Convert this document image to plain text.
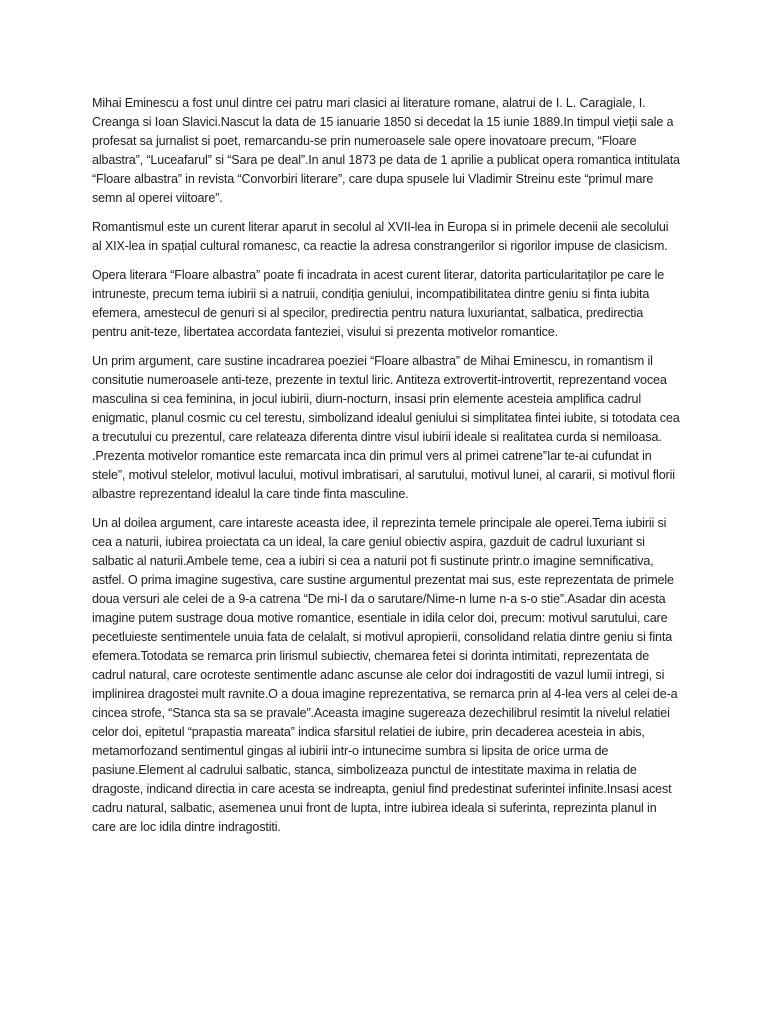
Mihai Eminescu a fost unul dintre cei patru mari clasici ai literature romane, alatrui de I. L. Caragiale, I. Creanga si Ioan Slavici.Nascut la data de 15 ianuarie 1850 si decedat la 15 iunie 1889.In timpul vieții sale a profesat sa jurnalist si poet, remarcandu-se prin numeroasele sale opere inovatoare precum, “Floare albastra”, “Luceafarul” si “Sara pe deal”.In anul 1873 pe data de 1 aprilie a publicat opera romantica intitulata “Floare albastra” in revista “Convorbiri literare”, care dupa spusele lui Vladimir Streinu este “primul mare semn al operei viitoare”.

Romantismul este un curent literar aparut in secolul al XVII-lea in Europa si in primele decenii ale secolului al XIX-lea in spațial cultural romanesc, ca reactie la adresa constrangerilor si rigorilor impuse de clasicism.

Opera literara “Floare albastra” poate fi incadrata in acest curent literar, datorita particularitaților pe care le intruneste, precum tema iubirii si a natruii, condiția geniului, incompatibilitatea dintre geniu si finta iubita efemera, amestecul de genuri si al specilor, predirectia pentru natura luxuriantat, salbatica, predirectia pentru anit-teze, libertatea accordata fanteziei, visului si prezenta motivelor romantice.

Un prim argument, care sustine incadrarea poeziei “Floare albastra” de Mihai Eminescu, in romantism il consitutie numeroasele anti-teze, prezente in textul liric. Antiteza extrovertit-introvertit, reprezentand vocea masculina si cea feminina, in jocul iubirii, diurn-nocturn, insasi prin elemente acesteia amplifica cadrul enigmatic, planul cosmic cu cel terestu, simbolizand idealul geniului si simplitatea fintei iubite, si totodata cea a trecutului cu prezentul, care relateaza diferenta dintre visul iubirii ideale si realitatea curda si nemiloasa. .Prezenta motivelor romantice este remarcata inca din primul vers al primei catrene”Iar te-ai cufundat in stele”, motivul stelelor, motivul lacului, motivul imbratisari, al sarutului, motivul lunei, al cararii, si motivul florii albastre reprezentand idealul la care tinde finta masculine.

Un al doilea argument, care intareste aceasta idee, il reprezinta temele principale ale operei.Tema iubirii si cea a naturii, iubirea proiectata ca un ideal, la care geniul obiectiv aspira, gazduit de cadrul luxuriant si salbatic al naturii.Ambele teme, cea a iubiri si cea a naturii pot fi sustinute printr.o imagine semnificativa, astfel. O prima imagine sugestiva, care sustine argumentul prezentat mai sus, este reprezentata de primele doua versuri ale celei de a 9-a catrena “De mi-I da o sarutare/Nime-n lume n-a s-o stie”.Asadar din acesta imagine putem sustrage doua motive romantice, esentiale in idila celor doi, precum: motivul sarutului, care pecetluieste sentimentele unuia fata de celalalt, si motivul apropierii, consolidand relatia dintre geniu si finta efemera.Totodata se remarca prin lirismul subiectiv, chemarea fetei si dorinta intimitati, reprezentata de cadrul natural, care ocroteste sentimentle adanc ascunse ale celor doi indragostiti de vazul lumii intregi, si implinirea dragostei mult ravnite.O a doua imagine reprezentativa, se remarca prin al 4-lea vers al celei de-a cincea strofe, “Stanca sta sa se pravale”.Aceasta imagine sugereaza dezechilibrul resimtit la nivelul relatiei celor doi, epitetul “prapastia mareata” indica sfarsitul relatiei de iubire, prin decaderea acesteia in abis, metamorfozand sentimentul gingas al iubirii intr-o intunecime sumbra si lipsita de orice urma de pasiune.Element al cadrului salbatic, stanca, simbolizeaza punctul de intestitate maxima in relatia de dragoste, indicand directia in care acesta se indreapta, geniul find predestinat suferintei infinite.Insasi acest cadru natural, salbatic, asemenea unui front de lupta, intre iubirea ideala si suferinta, reprezinta planul in care are loc idila dintre indragostiti.
